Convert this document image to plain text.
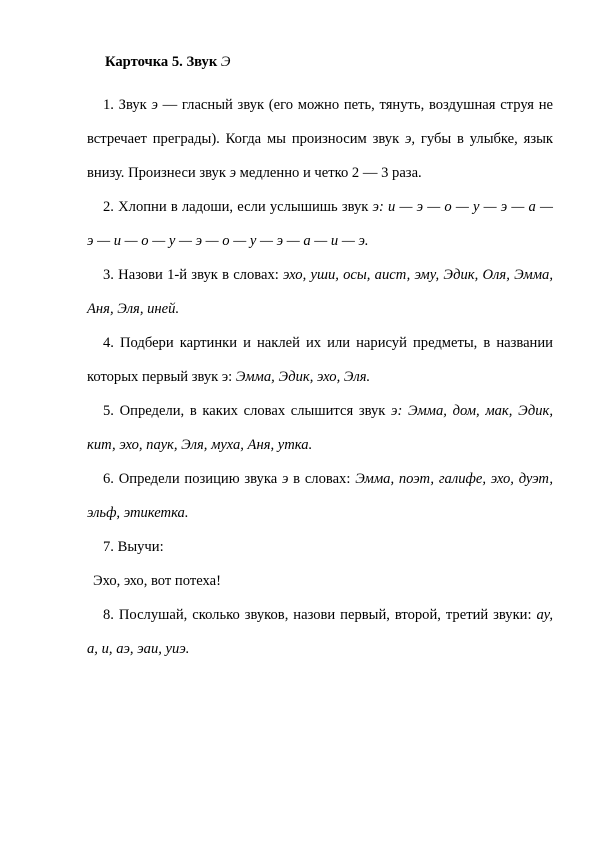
Карточка 5. Звук Э

1. Звук э — гласный звук (его можно петь, тянуть, воздушная струя не встречает преграды). Когда мы произносим звук э, губы в улыбке, язык внизу. Произнеси звук э медленно и четко 2 — 3 раза.

2. Хлопни в ладоши, если услышишь звук э: и — э — о — у — э — а — э — и — о — у — э — о — у — э — а — и — э.

3. Назови 1-й звук в словах: эхо, уши, осы, аист, эму, Эдик, Оля, Эмма, Аня, Эля, иней.

4. Подбери картинки и наклей их или нарисуй предметы, в названии которых первый звук э: Эмма, Эдик, эхо, Эля.

5. Определи, в каких словах слышится звук э: Эмма, дом, мак, Эдик, кит, эхо, паук, Эля, муха, Аня, утка.

6. Определи позицию звука э в словах: Эмма, поэт, галифе, эхо, дуэт, эльф, этикетка.

7. Выучи:

Эхо, эхо, вот потеха!

8. Послушай, сколько звуков, назови первый, второй, третий звуки: ау, а, и, аэ, эаи, уиэ.
